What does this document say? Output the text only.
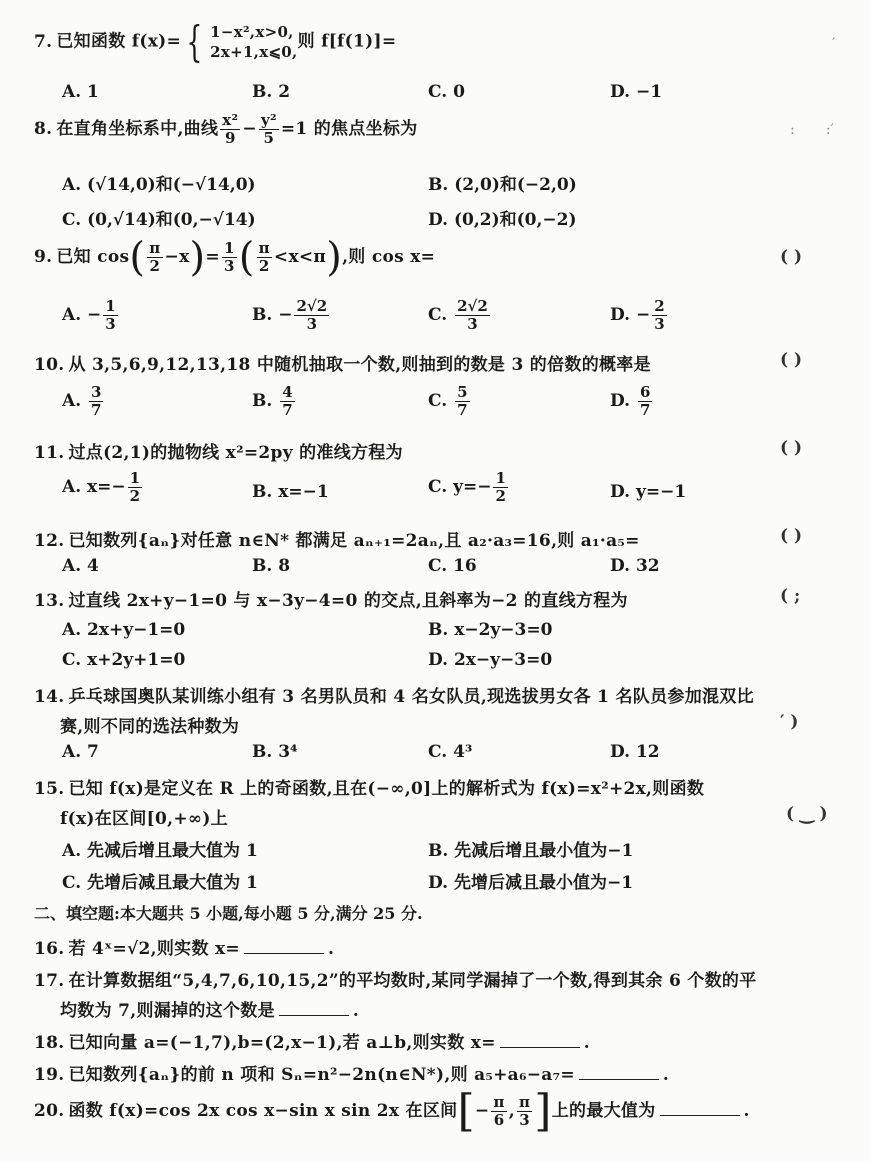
7. 已知函数 f(x)= { 1−x²,x>0,
2x+1,x⩽0,
则 f[f(1)]=	′
A. 1	B. 2	C. 0	D. −1
8. 在直角坐标系中,曲线 $\frac{\text{x²}}{9} - \frac{\text{y²}}{5} =1$ 的焦点坐标为	:       :′
A. (√14,0)和(−√14,0)	B. (2,0)和(−2,0)
C. (0,√14)和(0,−√14)	D. (0,2)和(0,−2)
9. 已知 $\cos( \frac{\pi}{2} -x)= \frac{1}{3}$ ( $\frac{\pi}{2} <x<\pi$),则 cos x=	( )
A. − $\frac{1}{3}$	B. − $\frac{2√2}{3}$	C. $\frac{2√2}{3}$	D. − $\frac{2}{3}$
10. 从 3,5,6,9,12,13,18 中随机抽取一个数,则抽到的数是 3 的倍数的概率是	( )
A. $\frac{3}{7}$	B. $\frac{4}{7}$	C. $\frac{5}{7}$	D. $\frac{6}{7}$
11. 过点(2,1)的抛物线 x²=2py 的准线方程为	( )
A. $x=- \frac{1}{2}$	B. x=−1	C. $y=- \frac{1}{2}$	D. y=−1
12. 已知数列{aₙ}对任意 n∈N* 都满足 aₙ₊₁=2aₙ,且 a₂·a₃=16,则 a₁·a₅=	( )
A. 4	B. 8	C. 16	D. 32
13. 过直线 2x+y−1=0 与 x−3y−4=0 的交点,且斜率为−2 的直线方程为	( ;
A. 2x+y−1=0	B. x−2y−3=0
C. x+2y+1=0	D. 2x−y−3=0
14. 乒乓球国奥队某训练小组有 3 名男队员和 4 名女队员,现选拔男女各 1 名队员参加混双比
赛,则不同的选法种数为	′ )
A. 7	B. 3⁴	C. 4³	D. 12
15. 已知 f(x)是定义在 R 上的奇函数,且在(−∞,0]上的解析式为 f(x)=x²+2x,则函数
f(x)在区间[0,+∞)上	( ‿ )
A. 先减后增且最大值为 1	B. 先减后增且最小值为−1
C. 先增后减且最大值为 1	D. 先增后减且最小值为−1
二、填空题:本大题共 5 小题,每小题 5 分,满分 25 分.
16. 若 4ˣ=√2,则实数 x=	.
17. 在计算数据组“5,4,7,6,10,15,2”的平均数时,某同学漏掉了一个数,得到其余 6 个数的平
均数为 7,则漏掉的这个数是	.
18. 已知向量 a=(−1,7),b=(2,x−1),若 a⊥b,则实数 x=	.
19. 已知数列{aₙ}的前 n 项和 Sₙ=n²−2n(n∈N*),则 a₅+a₆−a₇=	.
20. 函数 f(x)=cos 2x cos x−sin x sin 2x 在区间[− $\frac{\pi}{6}$ , $\frac{\pi}{3}$ ]上的最大值为	.
